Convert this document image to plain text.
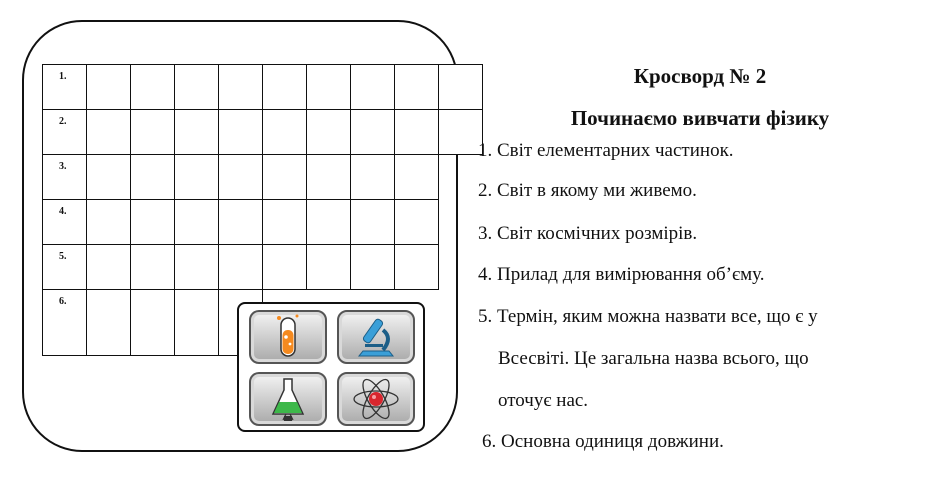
1.
2.
3.
4.
5.
6.
Кросворд № 2
Починаємо вивчати фізику
1. Світ елементарних частинок.
2. Світ в якому ми живемо.
3. Світ космічних розмірів.
4. Прилад для вимірювання об’єму.
5. Термін, яким можна назвати все, що є у
Всесвіті. Це загальна назва всього, що
оточує нас.
6. Основна одиниця довжини.
